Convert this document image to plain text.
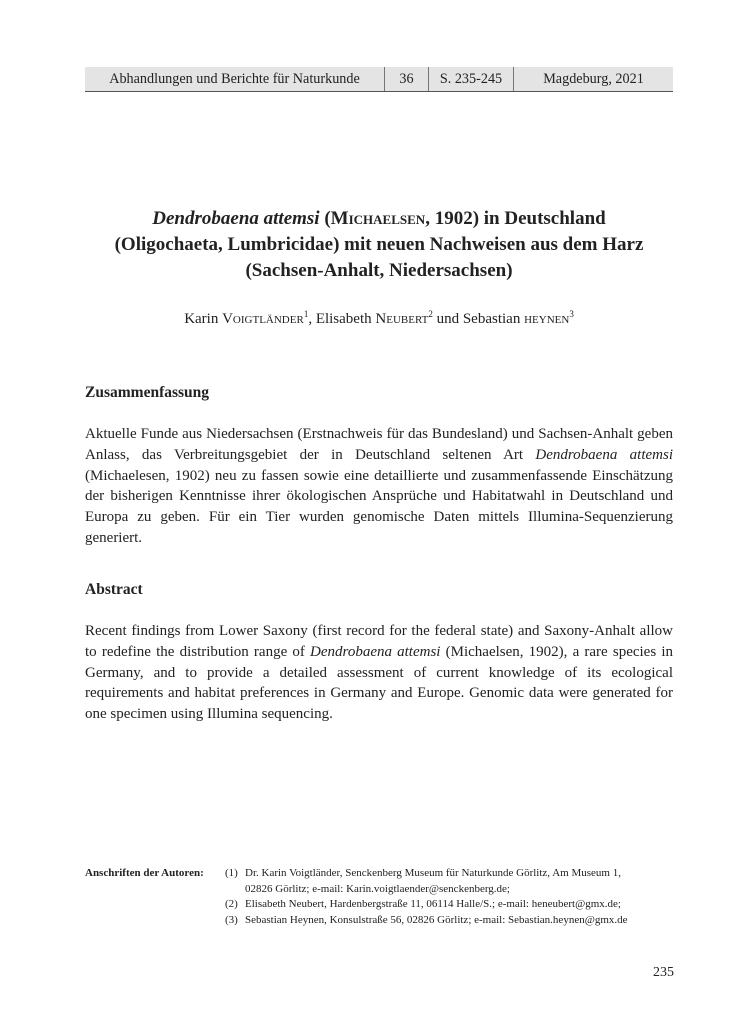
Abhandlungen und Berichte für Naturkunde	36	S. 235-245	Magdeburg, 2021
Dendrobaena attemsi (Michaelsen, 1902) in Deutschland
(Oligochaeta, Lumbricidae) mit neuen Nachweisen aus dem Harz
(Sachsen-Anhalt, Niedersachsen)
Karin Voigtländer$^1$, Elisabeth Neubert$^2$ und Sebastian heynen$^3$
Zusammenfassung
Aktuelle Funde aus Niedersachsen (Erstnachweis für das Bundesland) und Sachsen-Anhalt geben Anlass, das Verbreitungsgebiet der in Deutschland seltenen Art Dendrobaena attemsi (Michaelesen, 1902) neu zu fassen sowie eine detaillierte und zusammenfassende Einschätzung der bisherigen Kenntnisse ihrer ökologischen Ansprüche und Habitatwahl in Deutschland und Europa zu geben. Für ein Tier wurden genomische Daten mittels Illumina-Sequenzierung generiert.
Abstract
Recent findings from Lower Saxony (first record for the federal state) and Saxony-Anhalt allow to redefine the distribution range of Dendrobaena attemsi (Michaelsen, 1902), a rare species in Germany, and to provide a detailed assessment of current knowledge of its ecological requirements and habitat preferences in Germany and Europe. Genomic data were generated for one specimen using Illumina sequencing.
Anschriften der Autoren:	(1) Dr. Karin Voigtländer, Senckenberg Museum für Naturkunde Görlitz, Am Museum 1,
02826 Görlitz; e-mail: Karin.voigtlaender@senckenberg.de;
(2) Elisabeth Neubert, Hardenbergstraße 11, 06114 Halle/S.; e-mail: heneubert@gmx.de;
(3) Sebastian Heynen, Konsulstraße 56, 02826 Görlitz; e-mail: Sebastian.heynen@gmx.de
235
